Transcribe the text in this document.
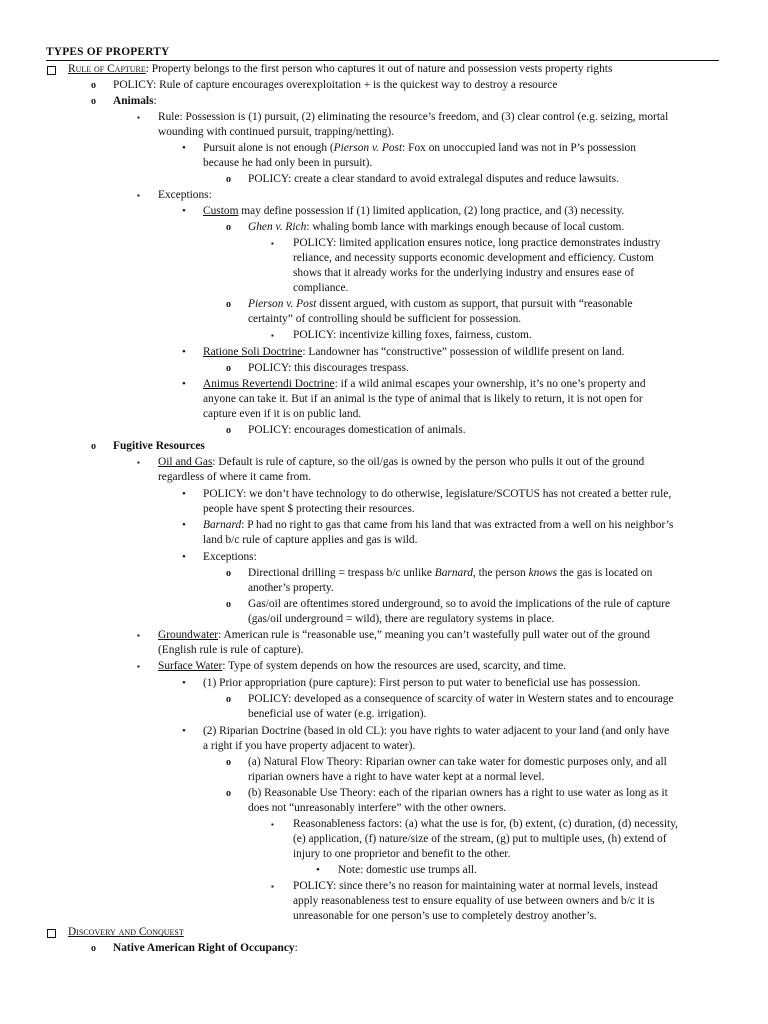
TYPES OF PROPERTY
Rule of Capture: Property belongs to the first person who captures it out of nature and possession vests property rights
o	POLICY: Rule of capture encourages overexploitation + is the quickest way to destroy a resource
o	Animals:
▪	Rule: Possession is (1) pursuit, (2) eliminating the resource’s freedom, and (3) clear control (e.g. seizing, mortal
wounding with continued pursuit, trapping/netting).
•	Pursuit alone is not enough (Pierson v. Post: Fox on unoccupied land was not in P’s possession
because he had only been in pursuit).
o	POLICY: create a clear standard to avoid extralegal disputes and reduce lawsuits.
▪	Exceptions:
•	Custom may define possession if (1) limited application, (2) long practice, and (3) necessity.
o	Ghen v. Rich: whaling bomb lance with markings enough because of local custom.
▪	POLICY: limited application ensures notice, long practice demonstrates industry
reliance, and necessity supports economic development and efficiency. Custom
shows that it already works for the underlying industry and ensures ease of
compliance.
o	Pierson v. Post dissent argued, with custom as support, that pursuit with “reasonable
certainty” of controlling should be sufficient for possession.
▪	POLICY: incentivize killing foxes, fairness, custom.
•	Ratione Soli Doctrine: Landowner has “constructive” possession of wildlife present on land.
o	POLICY: this discourages trespass.
•	Animus Revertendi Doctrine: if a wild animal escapes your ownership, it’s no one’s property and
anyone can take it. But if an animal is the type of animal that is likely to return, it is not open for
capture even if it is on public land.
o	POLICY: encourages domestication of animals.
o	Fugitive Resources
▪	Oil and Gas: Default is rule of capture, so the oil/gas is owned by the person who pulls it out of the ground
regardless of where it came from.
•	POLICY: we don’t have technology to do otherwise, legislature/SCOTUS has not created a better rule,
people have spent $ protecting their resources.
•	Barnard: P had no right to gas that came from his land that was extracted from a well on his neighbor’s
land b/c rule of capture applies and gas is wild.
•	Exceptions:
o	Directional drilling = trespass b/c unlike Barnard, the person knows the gas is located on
another’s property.
o	Gas/oil are oftentimes stored underground, so to avoid the implications of the rule of capture
(gas/oil underground = wild), there are regulatory systems in place.
▪	Groundwater: American rule is “reasonable use,” meaning you can’t wastefully pull water out of the ground
(English rule is rule of capture).
▪	Surface Water: Type of system depends on how the resources are used, scarcity, and time.
•	(1) Prior appropriation (pure capture): First person to put water to beneficial use has possession.
o	POLICY: developed as a consequence of scarcity of water in Western states and to encourage
beneficial use of water (e.g. irrigation).
•	(2) Riparian Doctrine (based in old CL): you have rights to water adjacent to your land (and only have
a right if you have property adjacent to water).
o	(a) Natural Flow Theory: Riparian owner can take water for domestic purposes only, and all
riparian owners have a right to have water kept at a normal level.
o	(b) Reasonable Use Theory: each of the riparian owners has a right to use water as long as it
does not “unreasonably interfere” with the other owners.
▪	Reasonableness factors: (a) what the use is for, (b) extent, (c) duration, (d) necessity,
(e) application, (f) nature/size of the stream, (g) put to multiple uses, (h) extend of
injury to one proprietor and benefit to the other.
•	Note: domestic use trumps all.
▪	POLICY: since there’s no reason for maintaining water at normal levels, instead
apply reasonableness test to ensure equality of use between owners and b/c it is
unreasonable for one person’s use to completely destroy another’s.
Discovery and Conquest
o	Native American Right of Occupancy:
